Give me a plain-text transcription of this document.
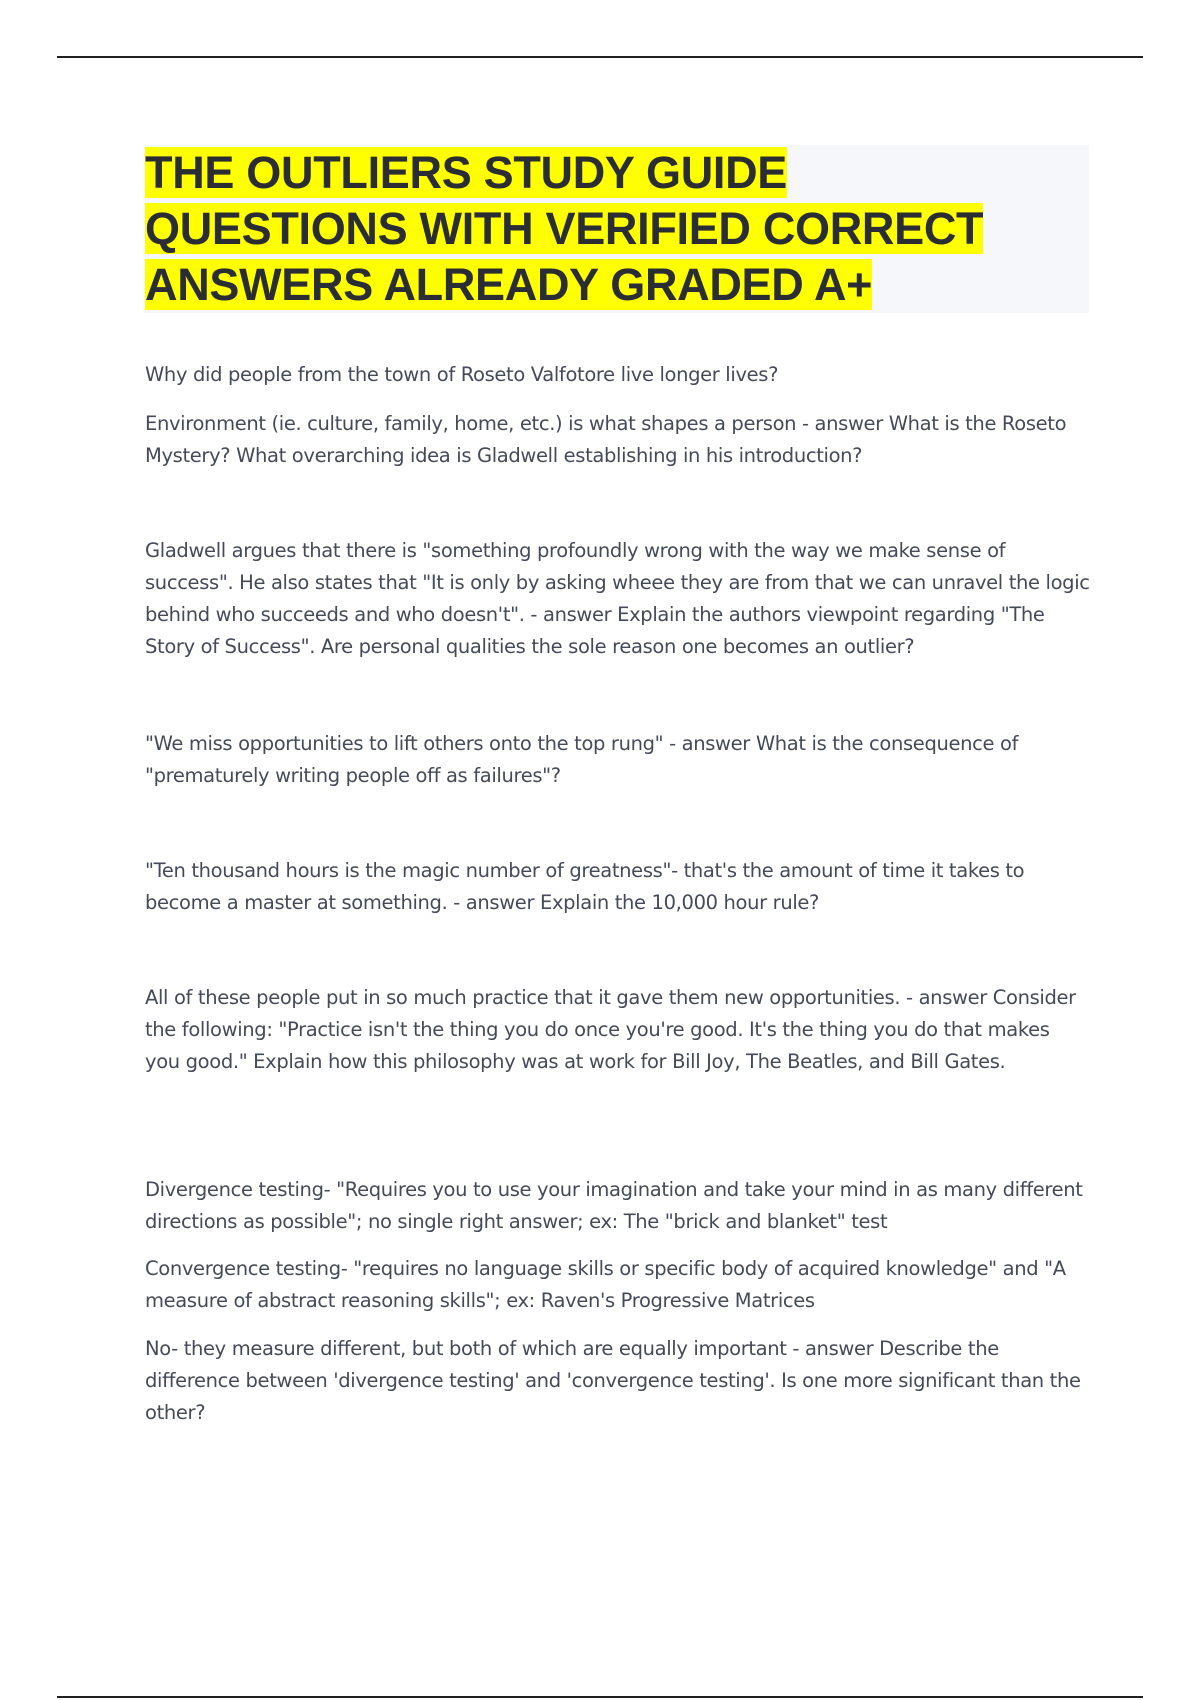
THE OUTLIERS STUDY GUIDE
QUESTIONS WITH VERIFIED CORRECT
ANSWERS ALREADY GRADED A+

Why did people from the town of Roseto Valfotore live longer lives?

Environment (ie. culture, family, home, etc.) is what shapes a person - answer What is the Roseto Mystery? What overarching idea is Gladwell establishing in his introduction?

Gladwell argues that there is "something profoundly wrong with the way we make sense of success". He also states that "It is only by asking wheee they are from that we can unravel the logic behind who succeeds and who doesn't". - answer Explain the authors viewpoint regarding "The Story of Success". Are personal qualities the sole reason one becomes an outlier?

"We miss opportunities to lift others onto the top rung" - answer What is the consequence of "prematurely writing people off as failures"?

"Ten thousand hours is the magic number of greatness"- that's the amount of time it takes to become a master at something. - answer Explain the 10,000 hour rule?

All of these people put in so much practice that it gave them new opportunities. - answer Consider the following: "Practice isn't the thing you do once you're good. It's the thing you do that makes you good." Explain how this philosophy was at work for Bill Joy, The Beatles, and Bill Gates.

Divergence testing- "Requires you to use your imagination and take your mind in as many different directions as possible"; no single right answer; ex: The "brick and blanket" test

Convergence testing- "requires no language skills or specific body of acquired knowledge" and "A measure of abstract reasoning skills"; ex: Raven's Progressive Matrices

No- they measure different, but both of which are equally important - answer Describe the difference between 'divergence testing' and 'convergence testing'. Is one more significant than the other?
